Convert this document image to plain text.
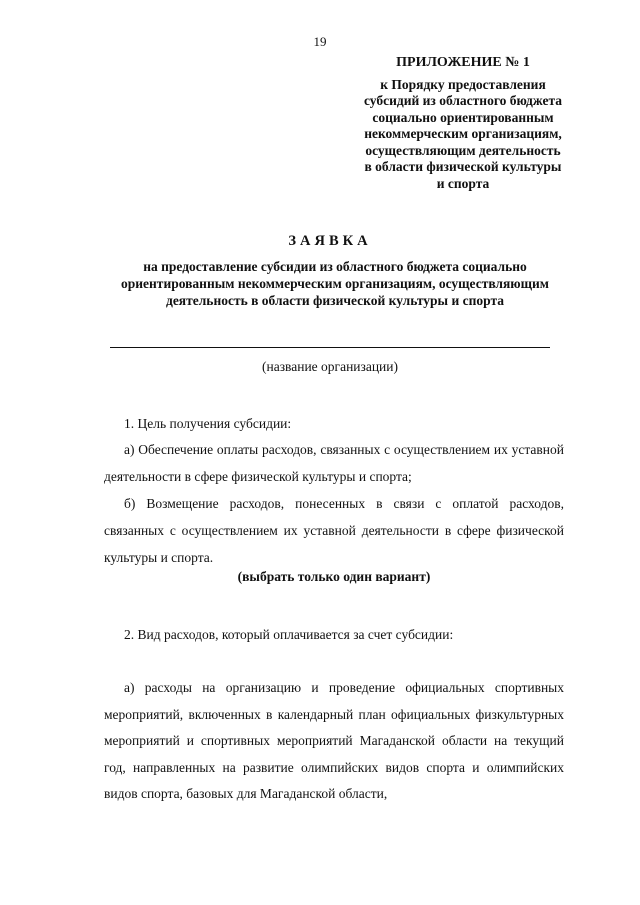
19
ПРИЛОЖЕНИЕ № 1
к Порядку предоставления
субсидий из областного бюджета
социально ориентированным
некоммерческим организациям,
осуществляющим деятельность
в области физической культуры
и спорта
ЗАЯВКА
на предоставление субсидии из областного бюджета социально
ориентированным некоммерческим организациям, осуществляющим
деятельность в области физической культуры и спорта
(название организации)
1. Цель получения субсидии:
а) Обеспечение оплаты расходов, связанных с осуществлением их уставной деятельности в сфере физической культуры и спорта;
б) Возмещение расходов, понесенных в связи с оплатой расходов, связанных с осуществлением их уставной деятельности в сфере физической культуры и спорта.
(выбрать только один вариант)
2. Вид расходов, который оплачивается за счет субсидии:
а) расходы на организацию и проведение официальных спортивных мероприятий, включенных в календарный план официальных физкультурных мероприятий и спортивных мероприятий Магаданской области на текущий год, направленных на развитие олимпийских видов спорта и олимпийских видов спорта, базовых для Магаданской области,
